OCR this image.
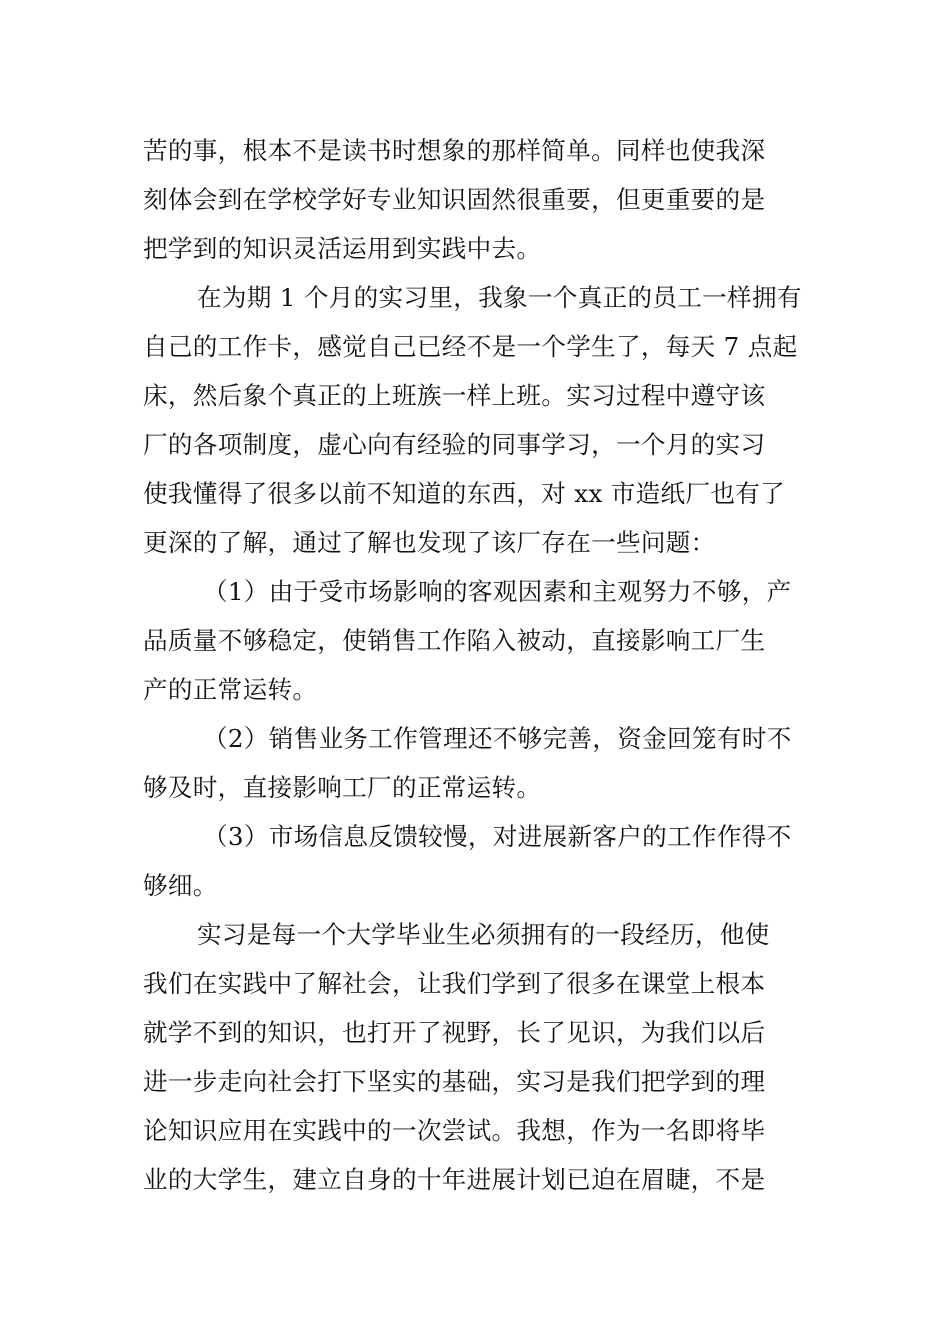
苦的事，根本不是读书时想象的那样简单。同样也使我深
刻体会到在学校学好专业知识固然很重要，但更重要的是
把学到的知识灵活运用到实践中去。
在为期 1 个月的实习里，我象一个真正的员工一样拥有
自己的工作卡，感觉自己已经不是一个学生了，每天 7 点起
床，然后象个真正的上班族一样上班。实习过程中遵守该
厂的各项制度，虚心向有经验的同事学习，一个月的实习
使我懂得了很多以前不知道的东西，对 xx 市造纸厂也有了
更深的了解，通过了解也发现了该厂存在一些问题：
（1）由于受市场影响的客观因素和主观努力不够，产
品质量不够稳定，使销售工作陷入被动，直接影响工厂生
产的正常运转。
（2）销售业务工作管理还不够完善，资金回笼有时不
够及时，直接影响工厂的正常运转。
（3）市场信息反馈较慢，对进展新客户的工作作得不
够细。
实习是每一个大学毕业生必须拥有的一段经历，他使
我们在实践中了解社会，让我们学到了很多在课堂上根本
就学不到的知识，也打开了视野，长了见识，为我们以后
进一步走向社会打下坚实的基础，实习是我们把学到的理
论知识应用在实践中的一次尝试。我想，作为一名即将毕
业的大学生，建立自身的十年进展计划已迫在眉睫，不是
